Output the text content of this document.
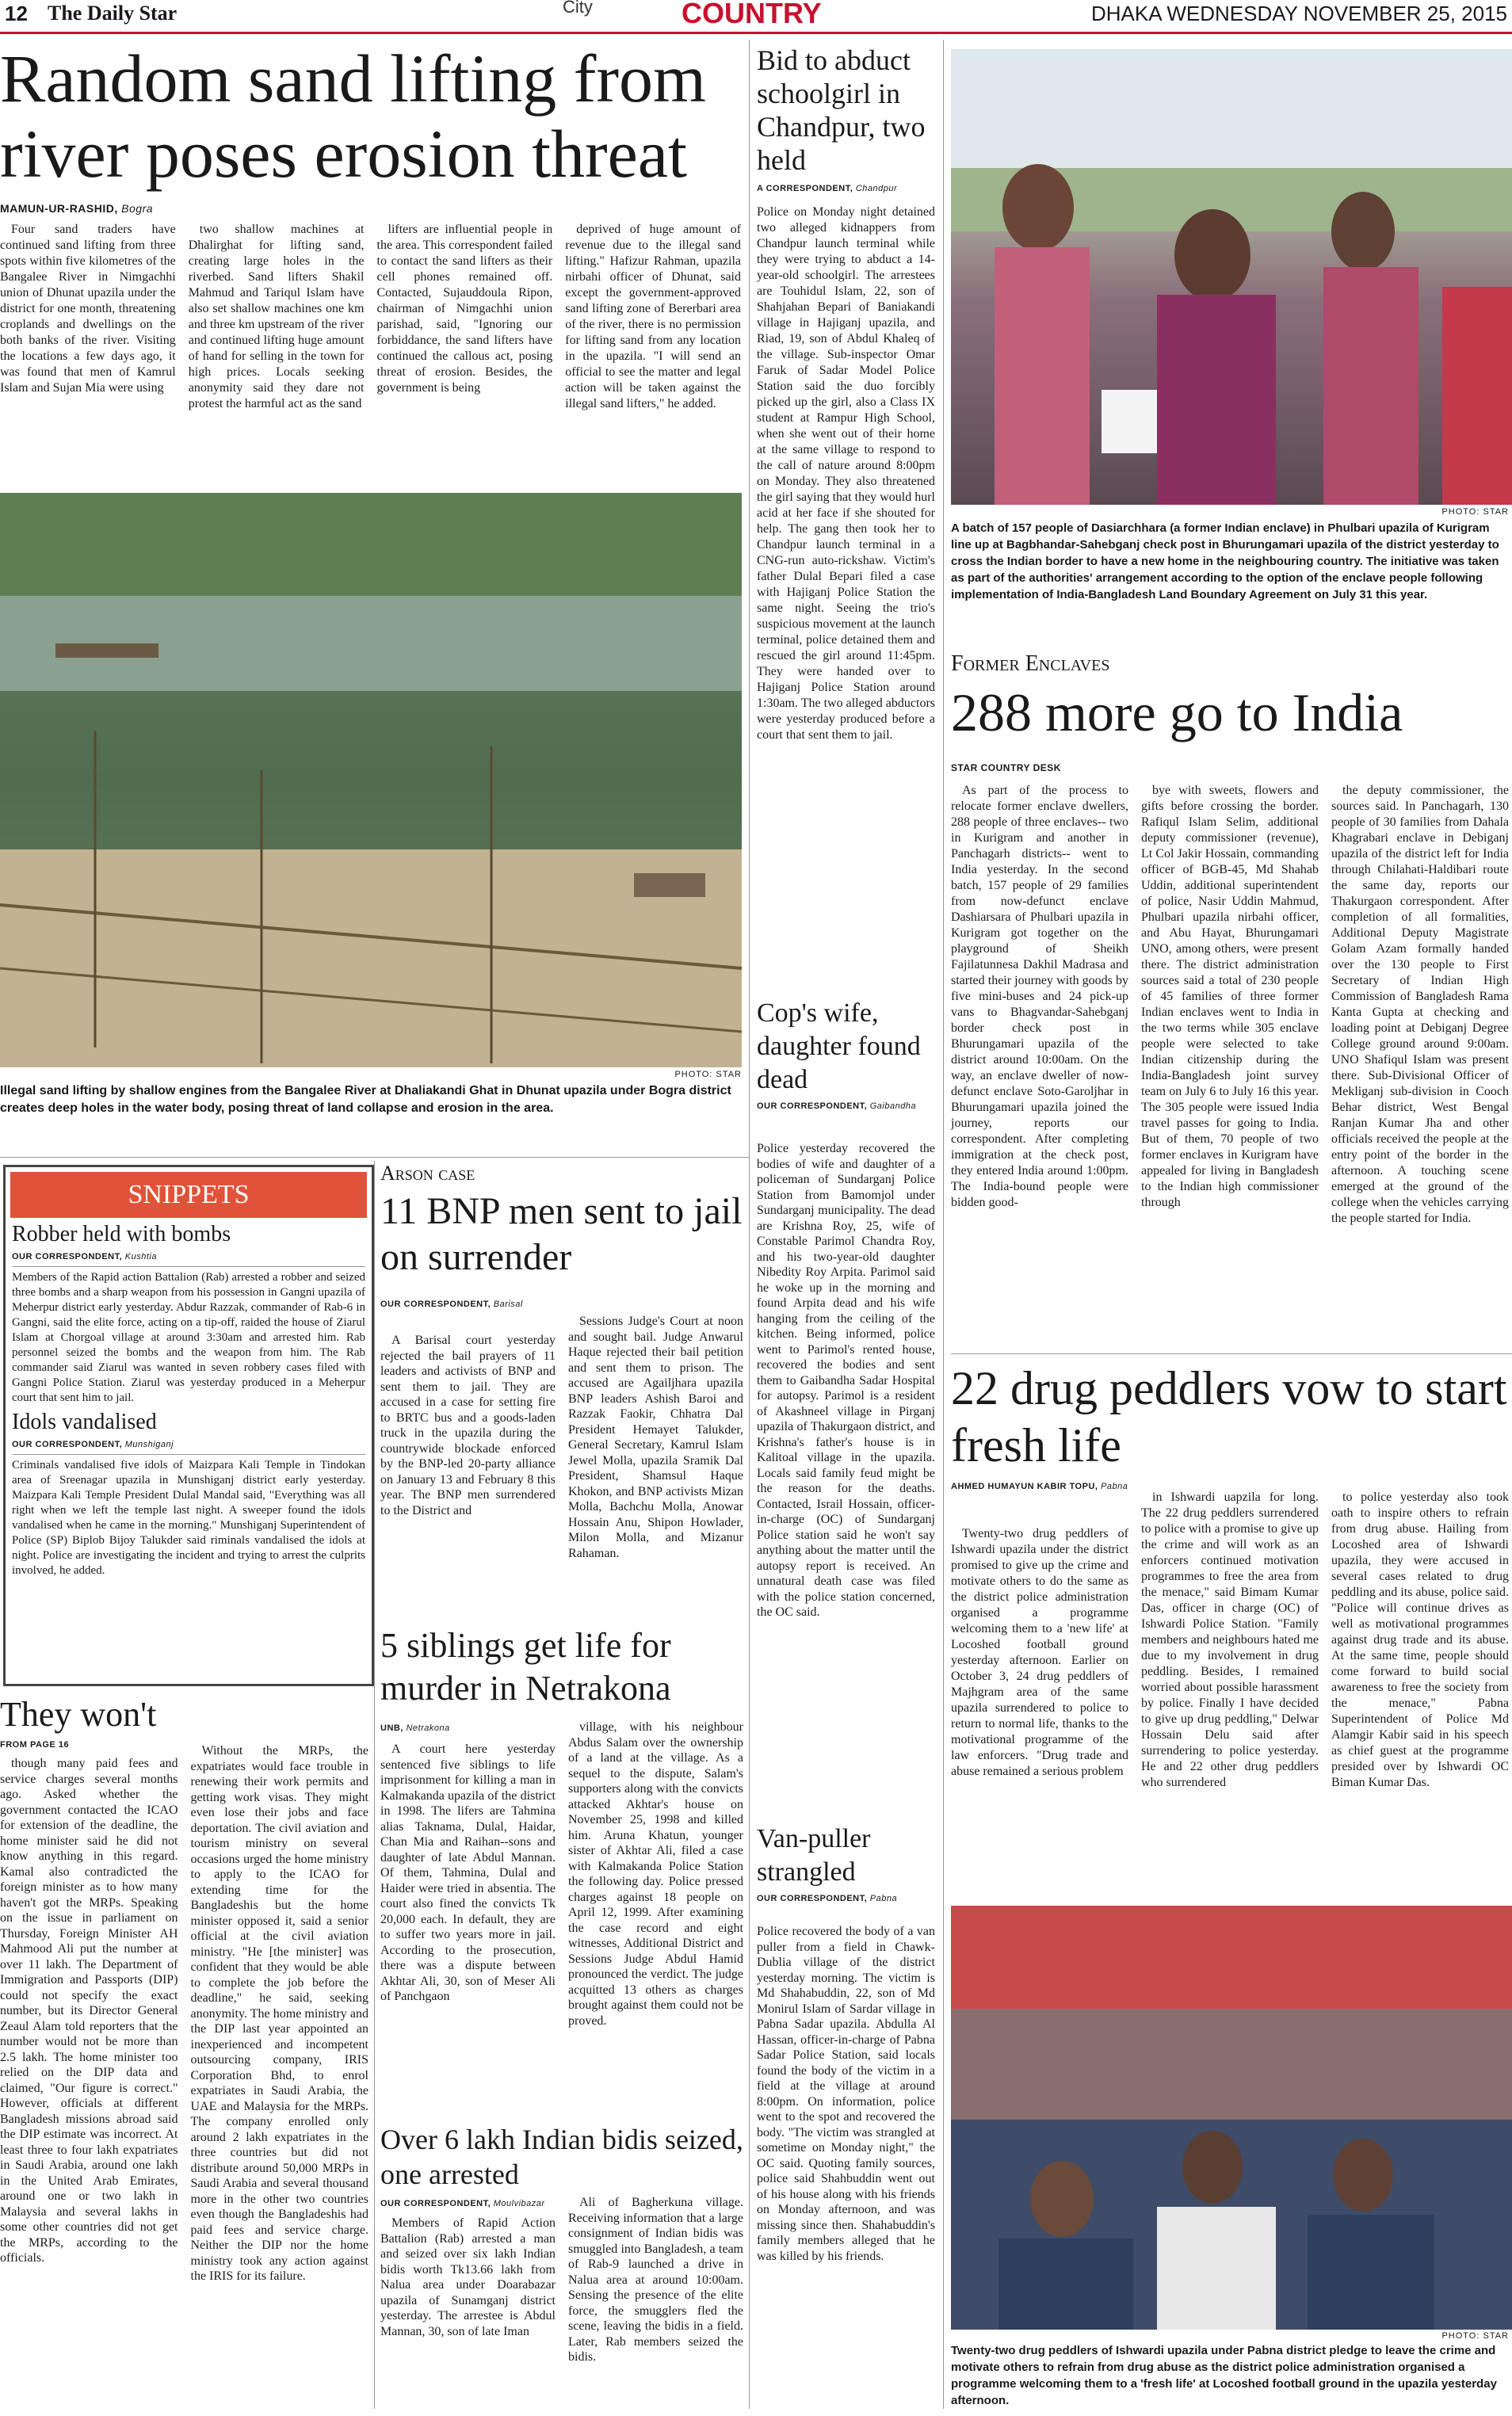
12 The Daily Star	City	COUNTRY	DHAKA WEDNESDAY NOVEMBER 25, 2015
Random sand lifting from river poses erosion threat
MAMUN-UR-RASHID, Bogra

Four sand traders have continued sand lifting from three spots within five kilometres of the Bangalee River in Nimgachhi union of Dhunat upazila under the district for one month, threatening croplands and dwellings on the both banks of the river. Visiting the locations a few days ago, it was found that men of Kamrul Islam and Sujan Mia were using

two shallow machines at Dhalirghat for lifting sand, creating large holes in the riverbed. Sand lifters Shakil Mahmud and Tariqul Islam have also set shallow machines one km and three km upstream of the river and continued lifting huge amount of hand for selling in the town for high prices. Locals seeking anonymity said they dare not protest the harmful act as the sand

lifters are influential people in the area. This correspondent failed to contact the sand lifters as their cell phones remained off. Contacted, Sujauddoula Ripon, chairman of Nimgachhi union parishad, said, "Ignoring our forbiddance, the sand lifters have continued the callous act, posing threat of erosion. Besides, the government is being

deprived of huge amount of revenue due to the illegal sand lifting." Hafizur Rahman, upazila nirbahi officer of Dhunat, said except the government-approved sand lifting zone of Bererbari area of the river, there is no permission for lifting sand from any location in the upazila. "I will send an official to see the matter and legal action will be taken against the illegal sand lifters," he added.

PHOTO: STAR
Illegal sand lifting by shallow engines from the Bangalee River at Dhaliakandi Ghat in Dhunat upazila under Bogra district creates deep holes in the water body, posing threat of land collapse and erosion in the area.
Bid to abduct schoolgirl in Chandpur, two held
A CORRESPONDENT, Chandpur
Police on Monday night detained two alleged kidnappers from Chandpur launch terminal while they were trying to abduct a 14-year-old schoolgirl. The arrestees are Touhidul Islam, 22, son of Shahjahan Bepari of Baniakandi village in Hajiganj upazila, and Riad, 19, son of Abdul Khaleq of the village. Sub-inspector Omar Faruk of Sadar Model Police Station said the duo forcibly picked up the girl, also a Class IX student at Rampur High School, when she went out of their home at the same village to respond to the call of nature around 8:00pm on Monday. They also threatened the girl saying that they would hurl acid at her face if she shouted for help. The gang then took her to Chandpur launch terminal in a CNG-run auto-rickshaw. Victim's father Dulal Bepari filed a case with Hajiganj Police Station the same night. Seeing the trio's suspicious movement at the launch terminal, police detained them and rescued the girl around 11:45pm. They were handed over to Hajiganj Police Station around 1:30am. The two alleged abductors were yesterday produced before a court that sent them to jail.
PHOTO: STAR
A batch of 157 people of Dasiarchhara (a former Indian enclave) in Phulbari upazila of Kurigram line up at Bagbhandar-Sahebganj check post in Bhurungamari upazila of the district yesterday to cross the Indian border to have a new home in the neighbouring country. The initiative was taken as part of the authorities' arrangement according to the option of the enclave people following implementation of India-Bangladesh Land Boundary Agreement on July 31 this year.
Former Enclaves
288 more go to India
STAR COUNTRY DESK

As part of the process to relocate former enclave dwellers, 288 people of three enclaves-- two in Kurigram and another in Panchagarh districts-- went to India yesterday. In the second batch, 157 people of 29 families from now-defunct enclave Dashiarsara of Phulbari upazila in Kurigram got together on the playground of Sheikh Fajilatunnesa Dakhil Madrasa and started their journey with goods by five mini-buses and 24 pick-up vans to Bhagvandar-Sahebganj border check post in Bhurungamari upazila of the district around 10:00am. On the way, an enclave dweller of now-defunct enclave Soto-Garoljhar in Bhurungamari upazila joined the journey, reports our correspondent. After completing immigration at the check post, they entered India around 1:00pm. The India-bound people were bidden good-

bye with sweets, flowers and gifts before crossing the border. Rafiqul Islam Selim, additional deputy commissioner (revenue), Lt Col Jakir Hossain, commanding officer of BGB-45, Md Shahab Uddin, additional superintendent of police, Nasir Uddin Mahmud, Phulbari upazila nirbahi officer, and Abu Hayat, Bhurungamari UNO, among others, were present there. The district administration sources said a total of 230 people of 45 families of three former Indian enclaves went to India in the two terms while 305 enclave people were selected to take Indian citizenship during the India-Bangladesh joint survey team on July 6 to July 16 this year. The 305 people were issued India travel passes for going to India. But of them, 70 people of two former enclaves in Kurigram have appealed for living in Bangladesh to the Indian high commissioner through

the deputy commissioner, the sources said. In Panchagarh, 130 people of 30 families from Dahala Khagrabari enclave in Debiganj upazila of the district left for India through Chilahati-Haldibari route the same day, reports our Thakurgaon correspondent. After completion of all formalities, Additional Deputy Magistrate Golam Azam formally handed over the 130 people to First Secretary of Indian High Commission of Bangladesh Rama Kanta Gupta at checking and loading point at Debiganj Degree College ground around 9:00am. UNO Shafiqul Islam was present there. Sub-Divisional Officer of Mekliganj sub-division in Cooch Behar district, West Bengal Ranjan Kumar Jha and other officials received the people at the entry point of the border in the afternoon. A touching scene emerged at the ground of the college when the vehicles carrying the people started for India.

SNIPPETS
Robber held with bombs
OUR CORRESPONDENT, Kushtia
Members of the Rapid action Battalion (Rab) arrested a robber and seized three bombs and a sharp weapon from his possession in Gangni upazila of Meherpur district early yesterday. Abdur Razzak, commander of Rab-6 in Gangni, said the elite force, acting on a tip-off, raided the house of Ziarul Islam at Chorgoal village at around 3:30am and arrested him. Rab personnel seized the bombs and the weapon from him. The Rab commander said Ziarul was wanted in seven robbery cases filed with Gangni Police Station. Ziarul was yesterday produced in a Meherpur court that sent him to jail.
Idols vandalised
OUR CORRESPONDENT, Munshiganj
Criminals vandalised five idols of Maizpara Kali Temple in Tindokan area of Sreenagar upazila in Munshiganj district early yesterday. Maizpara Kali Temple President Dulal Mandal said, "Everything was all right when we left the temple last night. A sweeper found the idols vandalised when he came in the morning." Munshiganj Superintendent of Police (SP) Biplob Bijoy Talukder said riminals vandalised the idols at night. Police are investigating the incident and trying to arrest the culprits involved, he added.
They won't
FROM PAGE 16

though many paid fees and service charges several months ago. Asked whether the government contacted the ICAO for extension of the deadline, the home minister said he did not know anything in this regard. Kamal also contradicted the foreign minister as to how many haven't got the MRPs. Speaking on the issue in parliament on Thursday, Foreign Minister AH Mahmood Ali put the number at over 11 lakh. The Department of Immigration and Passports (DIP) could not specify the exact number, but its Director General Zeaul Alam told reporters that the number would not be more than 2.5 lakh. The home minister too relied on the DIP data and claimed, "Our figure is correct." However, officials at different Bangladesh missions abroad said the DIP estimate was incorrect. At least three to four lakh expatriates in Saudi Arabia, around one lakh in the United Arab Emirates, around one or two lakh in Malaysia and several lakhs in some other countries did not get the MRPs, according to the officials.

Without the MRPs, the expatriates would face trouble in renewing their work permits and getting work visas. They might even lose their jobs and face deportation. The civil aviation and tourism ministry on several occasions urged the home ministry to apply to the ICAO for extending time for the Bangladeshis but the home minister opposed it, said a senior official at the civil aviation ministry. "He [the minister] was confident that they would be able to complete the job before the deadline," he said, seeking anonymity. The home ministry and the DIP last year appointed an inexperienced and incompetent outsourcing company, IRIS Corporation Bhd, to enrol expatriates in Saudi Arabia, the UAE and Malaysia for the MRPs. The company enrolled only around 2 lakh expatriates in the three countries but did not distribute around 50,000 MRPs in Saudi Arabia and several thousand more in the other two countries even though the Bangladeshis had paid fees and service charge. Neither the DIP nor the home ministry took any action against the IRIS for its failure.

Arson case
11 BNP men sent to jail on surrender
OUR CORRESPONDENT, Barisal

A Barisal court yesterday rejected the bail prayers of 11 leaders and activists of BNP and sent them to jail. They are accused in a case for setting fire to BRTC bus and a goods-laden truck in the upazila during the countrywide blockade enforced by the BNP-led 20-party alliance on January 13 and February 8 this year. The BNP men surrendered to the District and

Sessions Judge's Court at noon and sought bail. Judge Anwarul Haque rejected their bail petition and sent them to prison. The accused are Agailjhara upazila BNP leaders Ashish Baroi and Razzak Faokir, Chhatra Dal President Hemayet Talukder, General Secretary, Kamrul Islam Jewel Molla, upazila Sramik Dal President, Shamsul Haque Khokon, and BNP activists Mizan Molla, Bachchu Molla, Anowar Hossain Anu, Shipon Howlader, Milon Molla, and Mizanur Rahaman.

5 siblings get life for murder in Netrakona
UNB, Netrakona

A court here yesterday sentenced five siblings to life imprisonment for killing a man in Kalmakanda upazila of the district in 1998. The lifers are Tahmina alias Taknama, Dulal, Haidar, Chan Mia and Raihan--sons and daughter of late Abdul Mannan. Of them, Tahmina, Dulal and Haider were tried in absentia. The court also fined the convicts Tk 20,000 each. In default, they are to suffer two years more in jail. According to the prosecution, there was a dispute between Akhtar Ali, 30, son of Meser Ali of Panchgaon

village, with his neighbour Abdus Salam over the ownership of a land at the village. As a sequel to the dispute, Salam's supporters along with the convicts attacked Akhtar's house on November 25, 1998 and killed him. Aruna Khatun, younger sister of Akhtar Ali, filed a case with Kalmakanda Police Station the following day. Police pressed charges against 18 people on April 12, 1999. After examining the case record and eight witnesses, Additional District and Sessions Judge Abdul Hamid pronounced the verdict. The judge acquitted 13 others as charges brought against them could not be proved.

Over 6 lakh Indian bidis seized, one arrested
OUR CORRESPONDENT, Moulvibazar

Members of Rapid Action Battalion (Rab) arrested a man and seized over six lakh Indian bidis worth Tk13.66 lakh from Nalua area under Doarabazar upazila of Sunamganj district yesterday. The arrestee is Abdul Mannan, 30, son of late Iman

Ali of Bagherkuna village. Receiving information that a large consignment of Indian bidis was smuggled into Bangladesh, a team of Rab-9 launched a drive in Nalua area at around 10:00am. Sensing the presence of the elite force, the smugglers fled the scene, leaving the bidis in a field. Later, Rab members seized the bidis.

Cop's wife, daughter found dead
OUR CORRESPONDENT, Gaibandha
Police yesterday recovered the bodies of wife and daughter of a policeman of Sundarganj Police Station from Bamomjol under Sundarganj municipality. The dead are Krishna Roy, 25, wife of Constable Parimol Chandra Roy, and his two-year-old daughter Nibedity Roy Arpita. Parimol said he woke up in the morning and found Arpita dead and his wife hanging from the ceiling of the kitchen. Being informed, police went to Parimol's rented house, recovered the bodies and sent them to Gaibandha Sadar Hospital for autopsy. Parimol is a resident of Akashneel village in Pirganj upazila of Thakurgaon district, and Krishna's father's house is in Kalitoal village in the upazila. Locals said family feud might be the reason for the deaths. Contacted, Israil Hossain, officer-in-charge (OC) of Sundarganj Police station said he won't say anything about the matter until the autopsy report is received. An unnatural death case was filed with the police station concerned, the OC said.
Van-puller strangled
OUR CORRESPONDENT, Pabna
Police recovered the body of a van puller from a field in Chawk-Dublia village of the district yesterday morning. The victim is Md Shahabuddin, 22, son of Md Monirul Islam of Sardar village in Pabna Sadar upazila. Abdulla Al Hassan, officer-in-charge of Pabna Sadar Police Station, said locals found the body of the victim in a field at the village at around 8:00pm. On information, police went to the spot and recovered the body. "The victim was strangled at sometime on Monday night," the OC said. Quoting family sources, police said Shahbuddin went out of his house along with his friends on Monday afternoon, and was missing since then. Shahabuddin's family members alleged that he was killed by his friends.
22 drug peddlers vow to start fresh life
AHMED HUMAYUN KABIR TOPU, Pabna

Twenty-two drug peddlers of Ishwardi upazila under the district promised to give up the crime and motivate others to do the same as the district police administration organised a programme welcoming them to a 'new life' at Locoshed football ground yesterday afternoon. Earlier on October 3, 24 drug peddlers of Majhgram area of the same upazila surrendered to police to return to normal life, thanks to the motivational programme of the law enforcers. "Drug trade and abuse remained a serious problem

in Ishwardi uapzila for long. The 22 drug peddlers surrendered to police with a promise to give up the crime and will work as an enforcers continued motivation programmes to free the area from the menace," said Bimam Kumar Das, officer in charge (OC) of Ishwardi Police Station. "Family members and neighbours hated me due to my involvement in drug peddling. Besides, I remained worried about possible harassment by police. Finally I have decided to give up drug peddling," Delwar Hossain Delu said after surrendering to police yesterday. He and 22 other drug peddlers who surrendered

to police yesterday also took oath to inspire others to refrain from drug abuse. Hailing from Locoshed area of Ishwardi upazila, they were accused in several cases related to drug peddling and its abuse, police said. "Police will continue drives as well as motivational programmes against drug trade and its abuse. At the same time, people should come forward to build social awareness to free the society from the menace," Pabna Superintendent of Police Md Alamgir Kabir said in his speech as chief guest at the programme presided over by Ishwardi OC Biman Kumar Das.

PHOTO: STAR
Twenty-two drug peddlers of Ishwardi upazila under Pabna district pledge to leave the crime and motivate others to refrain from drug abuse as the district police administration organised a programme welcoming them to a 'fresh life' at Locoshed football ground in the upazila yesterday afternoon.
